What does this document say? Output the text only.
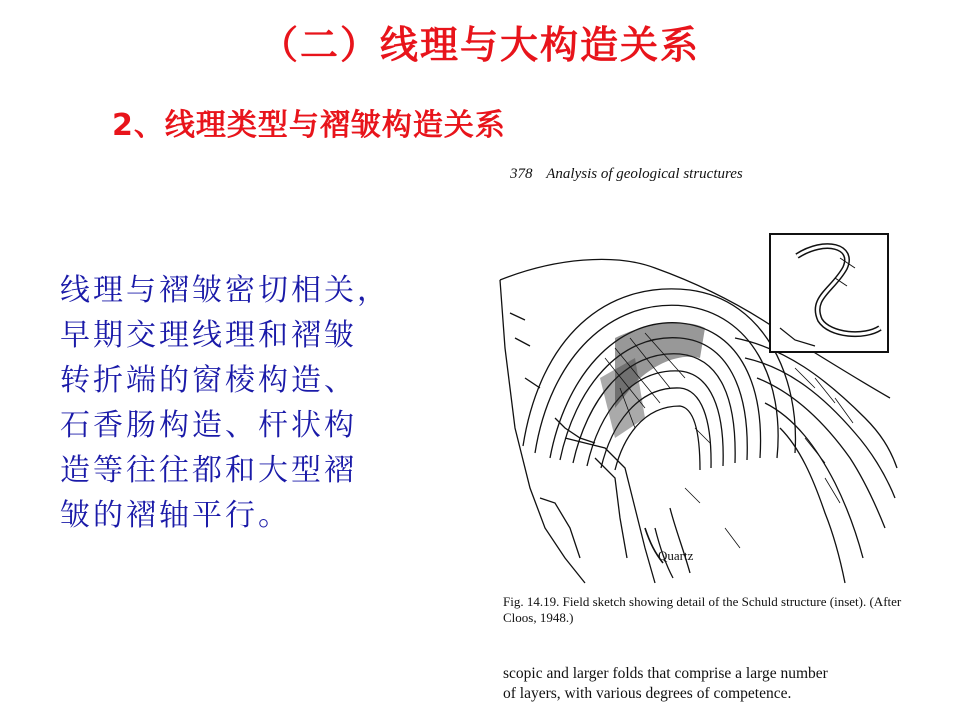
（二）线理与大构造关系
2、线理类型与褶皱构造关系
线理与褶皱密切相关，
早期交理线理和褶皱
转折端的窗棱构造、
石香肠构造、杆状构
造等往往都和大型褶
皱的褶轴平行。
378 Analysis of geological structures
Quartz
Fig. 14.19. Field sketch showing detail of the Schuld structure (inset). (After Cloos, 1948.)
scopic and larger folds that comprise a large number
of layers, with various degrees of competence.
